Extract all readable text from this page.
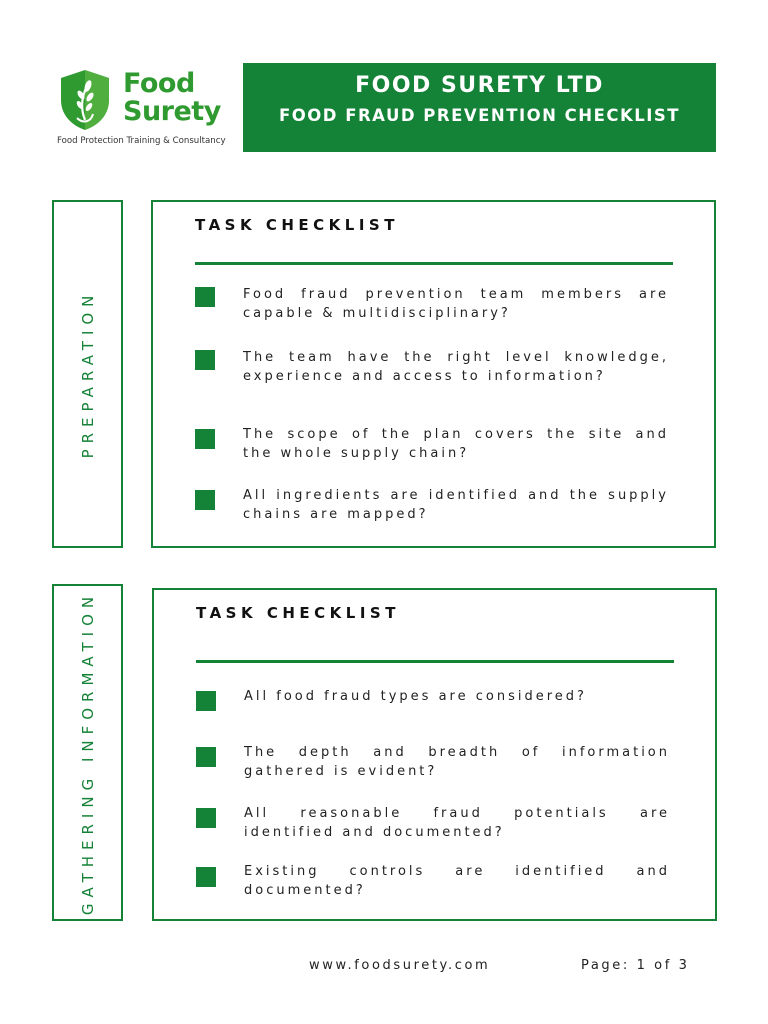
Food
Surety
Food Protection Training & Consultancy
FOOD SURETY LTD
FOOD FRAUD PREVENTION CHECKLIST
PREPARATION
TASK CHECKLIST
Food fraud prevention team members are capable & multidisciplinary?
The team have the right level knowledge, experience and access to information?
The scope of the plan covers the site and the whole supply chain?
All ingredients are identified and the supply chains are mapped?
GATHERING INFORMATION	TASK CHECKLIST
All food fraud types are considered?
The depth and breadth of information gathered is evident?
All reasonable fraud potentials are identified and documented?
Existing controls are identified and documented?
www.foodsurety.com	Page: 1 of 3
